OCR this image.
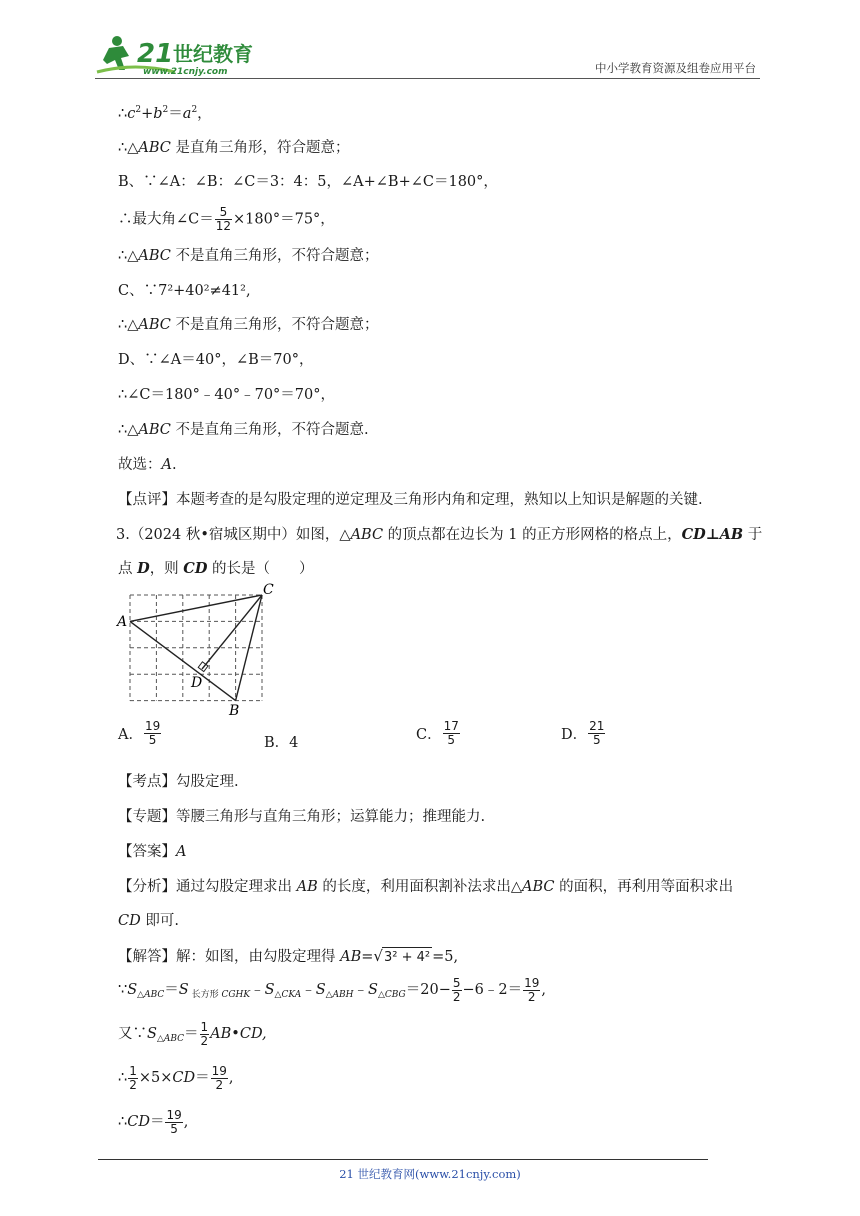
21 世纪教育
www.21cnjy.com	中小学教育资源及组卷应用平台
$\therefore c^2+b^2=a^2$，
∴△ABC 是直角三角形，符合题意；
B、∵∠A：∠B：∠C＝3：4：5，∠A+∠B+∠C＝180°，
∴最大角∠C＝ $\frac{5}{12} \times 180^\circ=75^\circ$，
∴△ABC 不是直角三角形，不符合题意；
C、∵7²+40²≠41²,
∴△ABC 不是直角三角形，不符合题意；
D、∵∠A＝40°，∠B＝70°，
∴∠C＝180°﹣40°﹣70°＝70°，
∴△ABC 不是直角三角形，不符合题意.
故选：A.
【点评】本题考查的是勾股定理的逆定理及三角形内角和定理，熟知以上知识是解题的关键.
3.（2024 秋•宿城区期中）如图，△ABC 的顶点都在边长为 1 的正方形网格的格点上，CD⊥AB 于
点 D，则 CD 的长是（　　）
【考点】勾股定理.
【专题】等腰三角形与直角三角形；运算能力；推理能力.
【答案】A
【分析】通过勾股定理求出 AB 的长度，利用面积割补法求出△ABC 的面积，再利用等面积求出
CD 即可.
【解答】解：如图，由勾股定理得 AB=√3² + 4² =5,
$\because S_{\triangle ABC}=S$ $_{长方形 CGHK}﹣S_{\triangle CKA}﹣S_{\triangle ABH}﹣S_{\triangle CBG}=20- \frac{5}{2}$ −6﹣2＝ $\frac{19}{2}$ ,
又$\because S_{\triangle ABC}= \frac{1}{2}$ AB•CD,
∴ $\frac{1}{2} \times 5\times CD= \frac{19}{2}$ ,
∴CD＝ $\frac{19}{5}$ ,
A
C
D
B
A． $\frac{19}{5}$	B．4	C． $\frac{17}{5}$	D． $\frac{21}{5}$
21 世纪教育网(www.21cnjy.com)
